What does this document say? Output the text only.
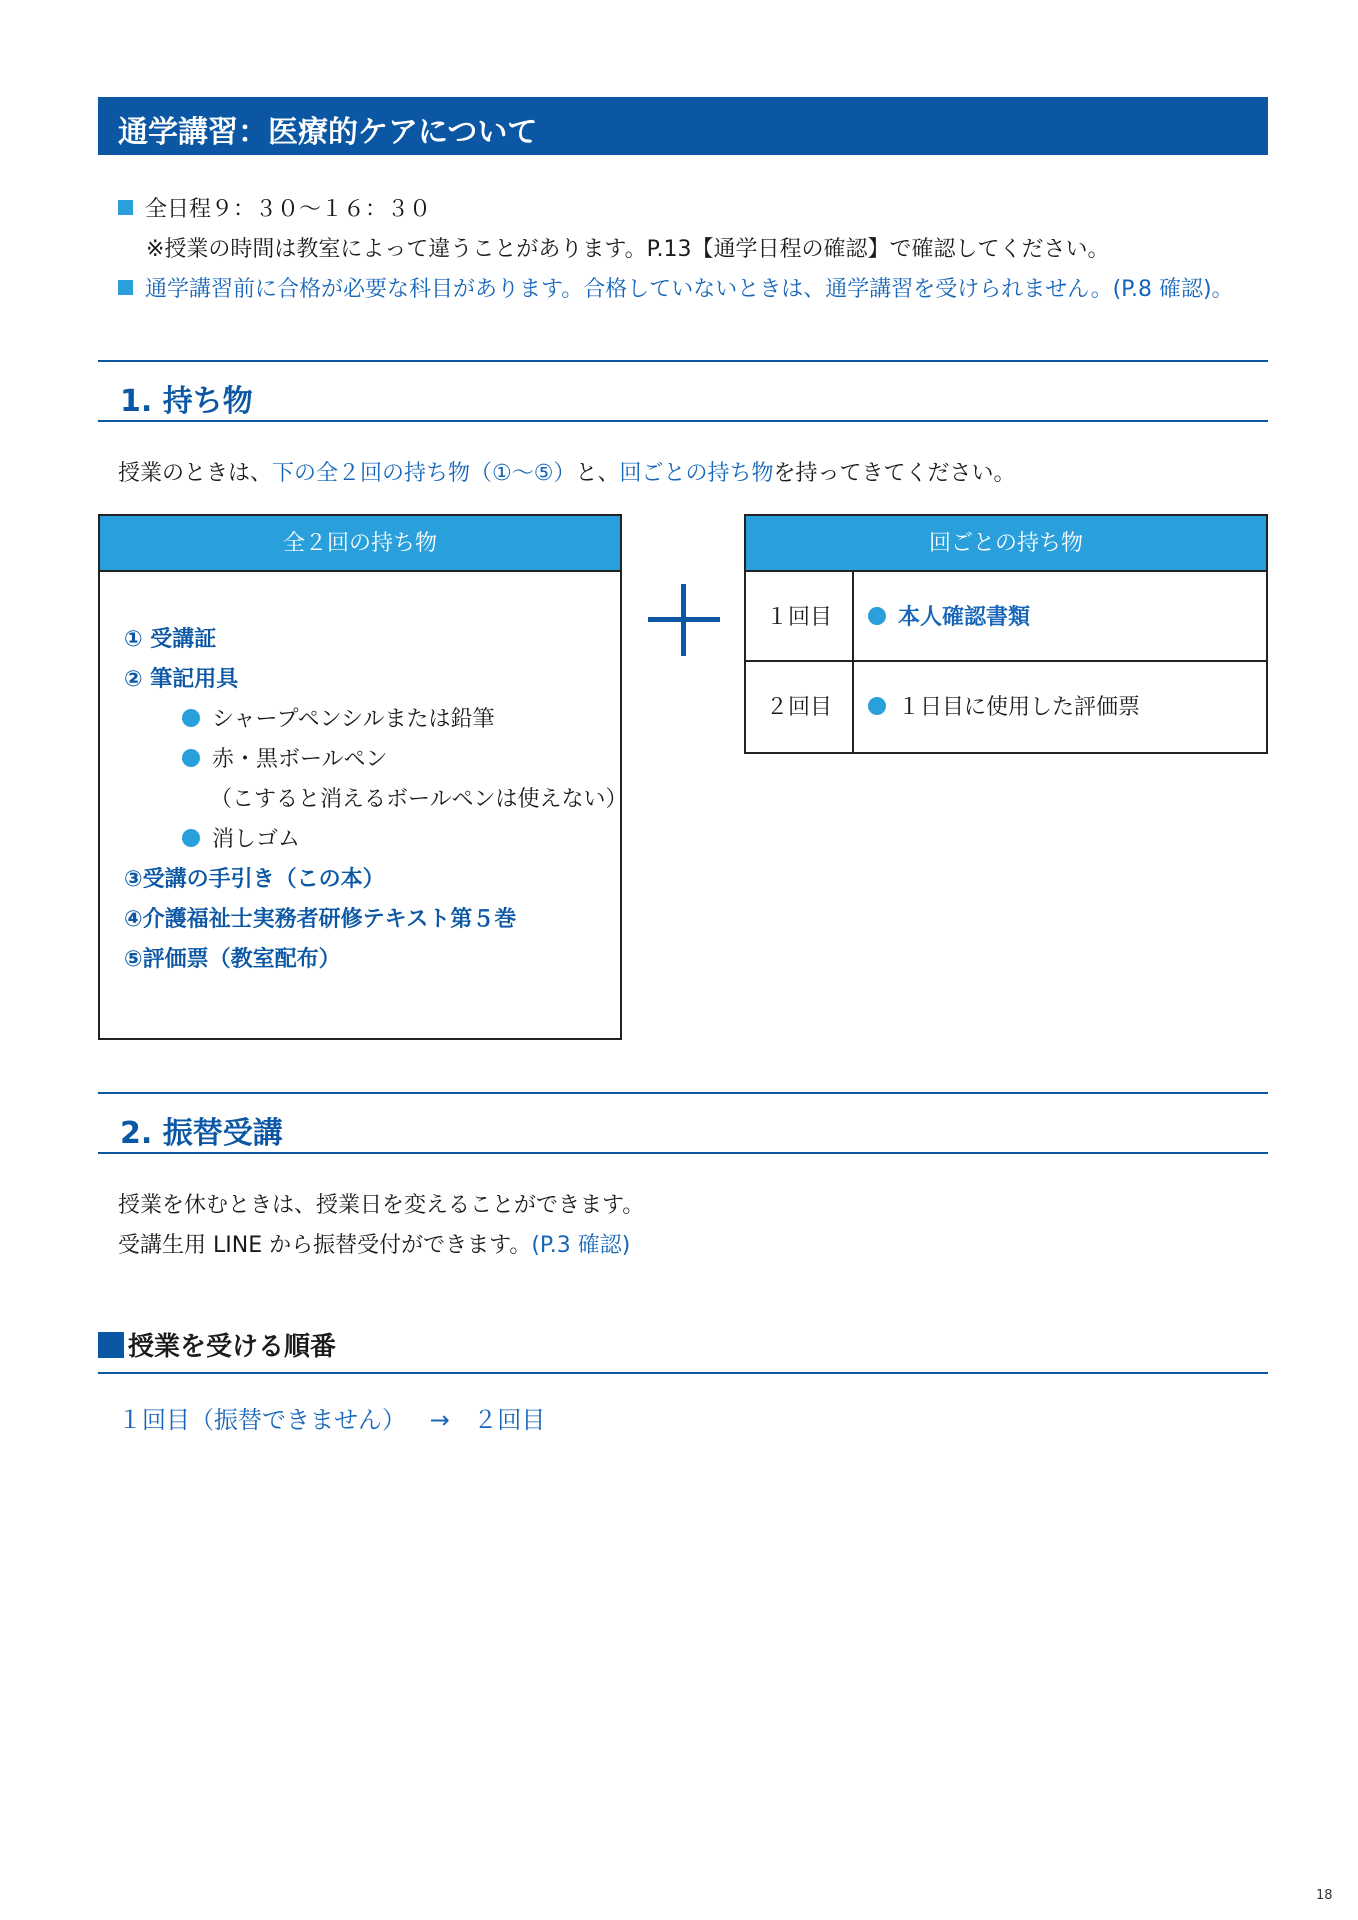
通学講習：医療的ケアについて
全日程９：３０〜１６：３０
※授業の時間は教室によって違うことがあります。P.13【通学日程の確認】で確認してください。
通学講習前に合格が必要な科目があります。合格していないときは、通学講習を受けられません。(P.8 確認)。
1. 持ち物
授業のときは、下の全２回の持ち物（①〜⑤）と、回ごとの持ち物を持ってきてください。
全２回の持ち物
① 受講証
② 筆記用具
シャープペンシルまたは鉛筆
赤・黒ボールペン
（こすると消えるボールペンは使えない）
消しゴム
③受講の手引き（この本）
④介護福祉士実務者研修テキスト第５巻
⑤評価票（教室配布）
回ごとの持ち物
１回目	本人確認書類
２回目	１日目に使用した評価票
2. 振替受講
授業を休むときは、授業日を変えることができます。
受講生用 LINE から振替受付ができます。(P.3 確認)
授業を受ける順番
１回目（振替できません） → ２回目
18
